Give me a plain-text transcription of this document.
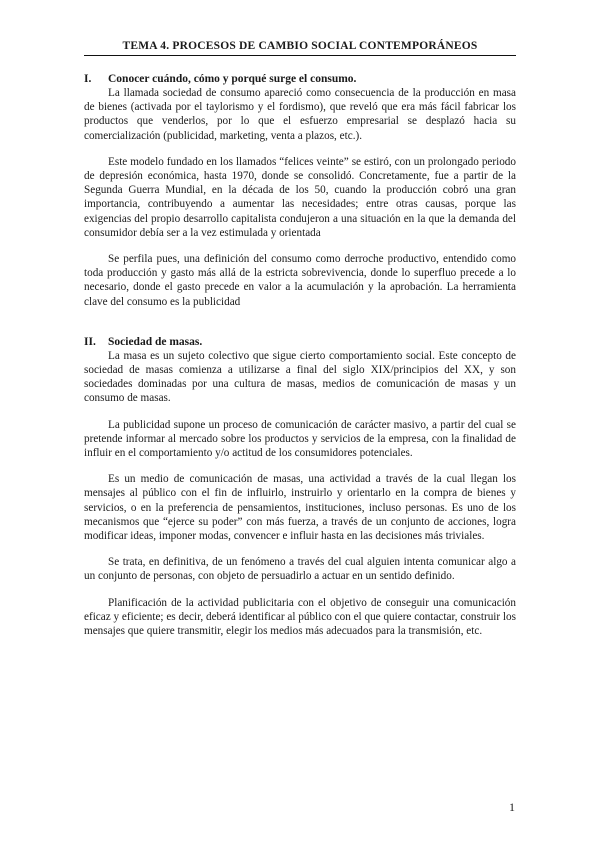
TEMA 4. PROCESOS DE CAMBIO SOCIAL CONTEMPORÁNEOS
I. Conocer cuándo, cómo y porqué surge el consumo.

La llamada sociedad de consumo apareció como consecuencia de la producción en masa de bienes (activada por el taylorismo y el fordismo), que reveló que era más fácil fabricar los productos que venderlos, por lo que el esfuerzo empresarial se desplazó hacia su comercialización (publicidad, marketing, venta a plazos, etc.).

Este modelo fundado en los llamados “felices veinte” se estiró, con un prolongado periodo de depresión económica, hasta 1970, donde se consolidó. Concretamente, fue a partir de la Segunda Guerra Mundial, en la década de los 50, cuando la producción cobró una gran importancia, contribuyendo a aumentar las necesidades; entre otras causas, porque las exigencias del propio desarrollo capitalista condujeron a una situación en la que la demanda del consumidor debía ser a la vez estimulada y orientada

Se perfila pues, una definición del consumo como derroche productivo, entendido como toda producción y gasto más allá de la estricta sobrevivencia, donde lo superfluo precede a lo necesario, donde el gasto precede en valor a la acumulación y la aprobación. La herramienta clave del consumo es la publicidad

II. Sociedad de masas.

La masa es un sujeto colectivo que sigue cierto comportamiento social. Este concepto de sociedad de masas comienza a utilizarse a final del siglo XIX/principios del XX, y son sociedades dominadas por una cultura de masas, medios de comunicación de masas y un consumo de masas.

La publicidad supone un proceso de comunicación de carácter masivo, a partir del cual se pretende informar al mercado sobre los productos y servicios de la empresa, con la finalidad de influir en el comportamiento y/o actitud de los consumidores potenciales.

Es un medio de comunicación de masas, una actividad a través de la cual llegan los mensajes al público con el fin de influirlo, instruirlo y orientarlo en la compra de bienes y servicios, o en la preferencia de pensamientos, instituciones, incluso personas. Es uno de los mecanismos que “ejerce su poder” con más fuerza, a través de un conjunto de acciones, logra modificar ideas, imponer modas, convencer e influir hasta en las decisiones más triviales.

Se trata, en definitiva, de un fenómeno a través del cual alguien intenta comunicar algo a un conjunto de personas, con objeto de persuadirlo a actuar en un sentido definido.

Planificación de la actividad publicitaria con el objetivo de conseguir una comunicación eficaz y eficiente; es decir, deberá identificar al público con el que quiere contactar, construir los mensajes que quiere transmitir, elegir los medios más adecuados para la transmisión, etc.

1
